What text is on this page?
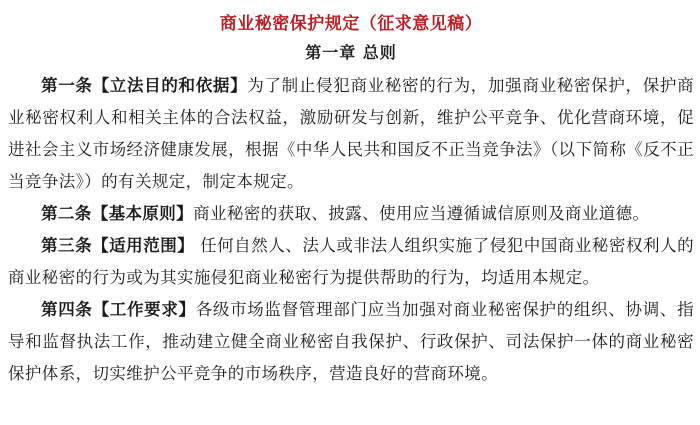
商业秘密保护规定（征求意见稿）
第一章 总则

第一条【立法目的和依据】为了制止侵犯商业秘密的行为，加强商业秘密保护，保护商业秘密权利人和相关主体的合法权益，激励研发与创新，维护公平竞争、优化营商环境，促进社会主义市场经济健康发展，根据《中华人民共和国反不正当竞争法》（以下简称《反不正当竞争法》）的有关规定，制定本规定。

第二条【基本原则】商业秘密的获取、披露、使用应当遵循诚信原则及商业道德。

第三条【适用范围】 任何自然人、法人或非法人组织实施了侵犯中国商业秘密权利人的商业秘密的行为或为其实施侵犯商业秘密行为提供帮助的行为，均适用本规定。

第四条【工作要求】各级市场监督管理部门应当加强对商业秘密保护的组织、协调、指导和监督执法工作，推动建立健全商业秘密自我保护、行政保护、司法保护一体的商业秘密保护体系，切实维护公平竞争的市场秩序，营造良好的营商环境。
